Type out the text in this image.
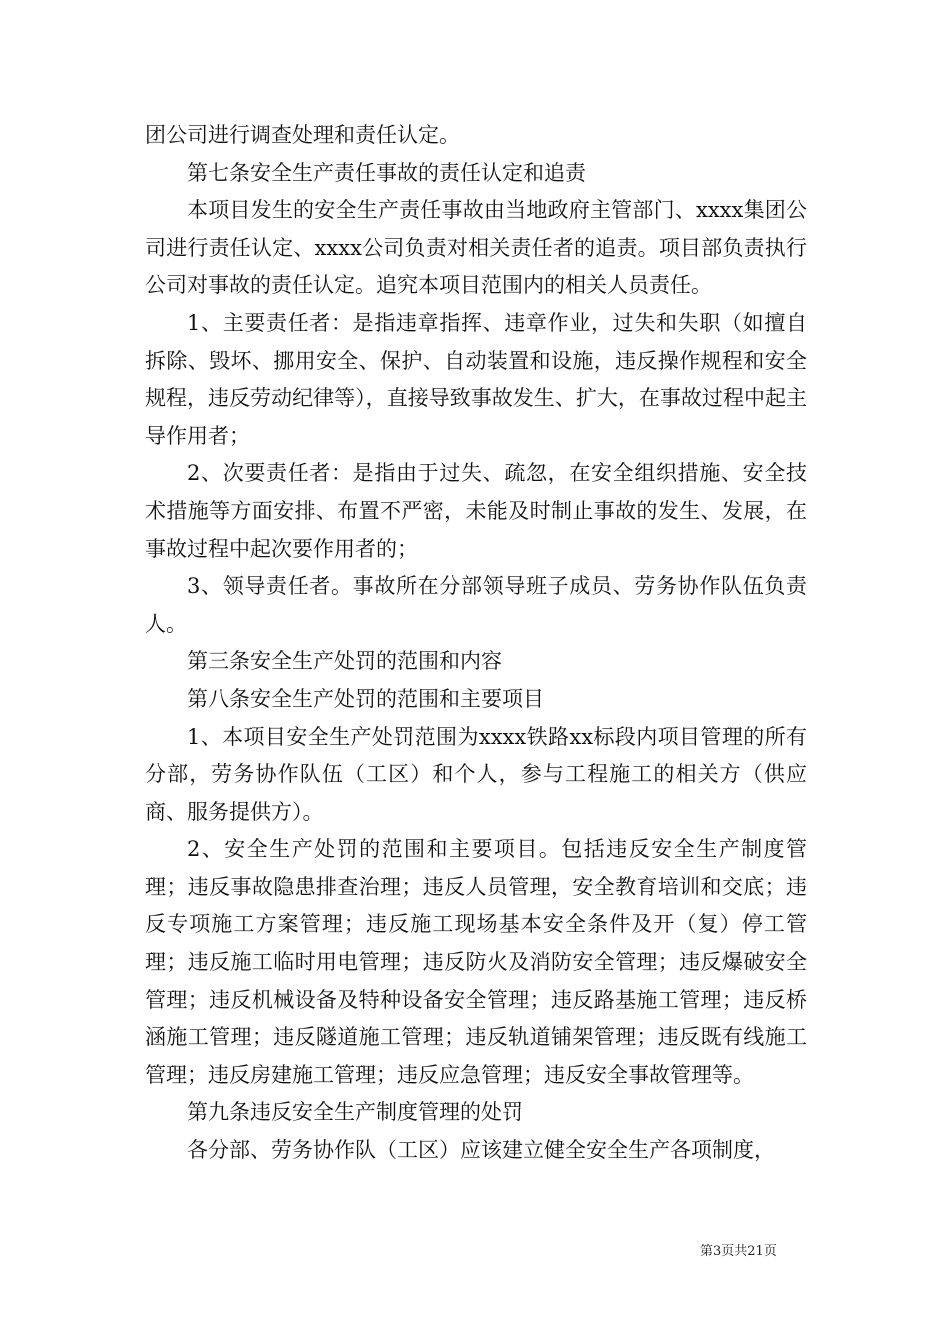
团公司进行调查处理和责任认定。

第七条安全生产责任事故的责任认定和追责

本项目发生的安全生产责任事故由当地政府主管部门、xxxx集团公司进行责任认定、xxxx公司负责对相关责任者的追责。项目部负责执行公司对事故的责任认定。追究本项目范围内的相关人员责任。

1、主要责任者：是指违章指挥、违章作业，过失和失职（如擅自拆除、毁坏、挪用安全、保护、自动装置和设施，违反操作规程和安全规程，违反劳动纪律等），直接导致事故发生、扩大，在事故过程中起主导作用者；

2、次要责任者：是指由于过失、疏忽，在安全组织措施、安全技术措施等方面安排、布置不严密，未能及时制止事故的发生、发展，在事故过程中起次要作用者的；

3、领导责任者。事故所在分部领导班子成员、劳务协作队伍负责人。

第三条安全生产处罚的范围和内容

第八条安全生产处罚的范围和主要项目

1、本项目安全生产处罚范围为xxxx铁路xx标段内项目管理的所有分部，劳务协作队伍（工区）和个人，参与工程施工的相关方（供应商、服务提供方）。

2、安全生产处罚的范围和主要项目。包括违反安全生产制度管理；违反事故隐患排查治理；违反人员管理，安全教育培训和交底；违反专项施工方案管理；违反施工现场基本安全条件及开（复）停工管理；违反施工临时用电管理；违反防火及消防安全管理；违反爆破安全管理；违反机械设备及特种设备安全管理；违反路基施工管理；违反桥涵施工管理；违反隧道施工管理；违反轨道铺架管理；违反既有线施工管理；违反房建施工管理；违反应急管理；违反安全事故管理等。

第九条违反安全生产制度管理的处罚

各分部、劳务协作队（工区）应该建立健全安全生产各项制度，

第3页共21页
